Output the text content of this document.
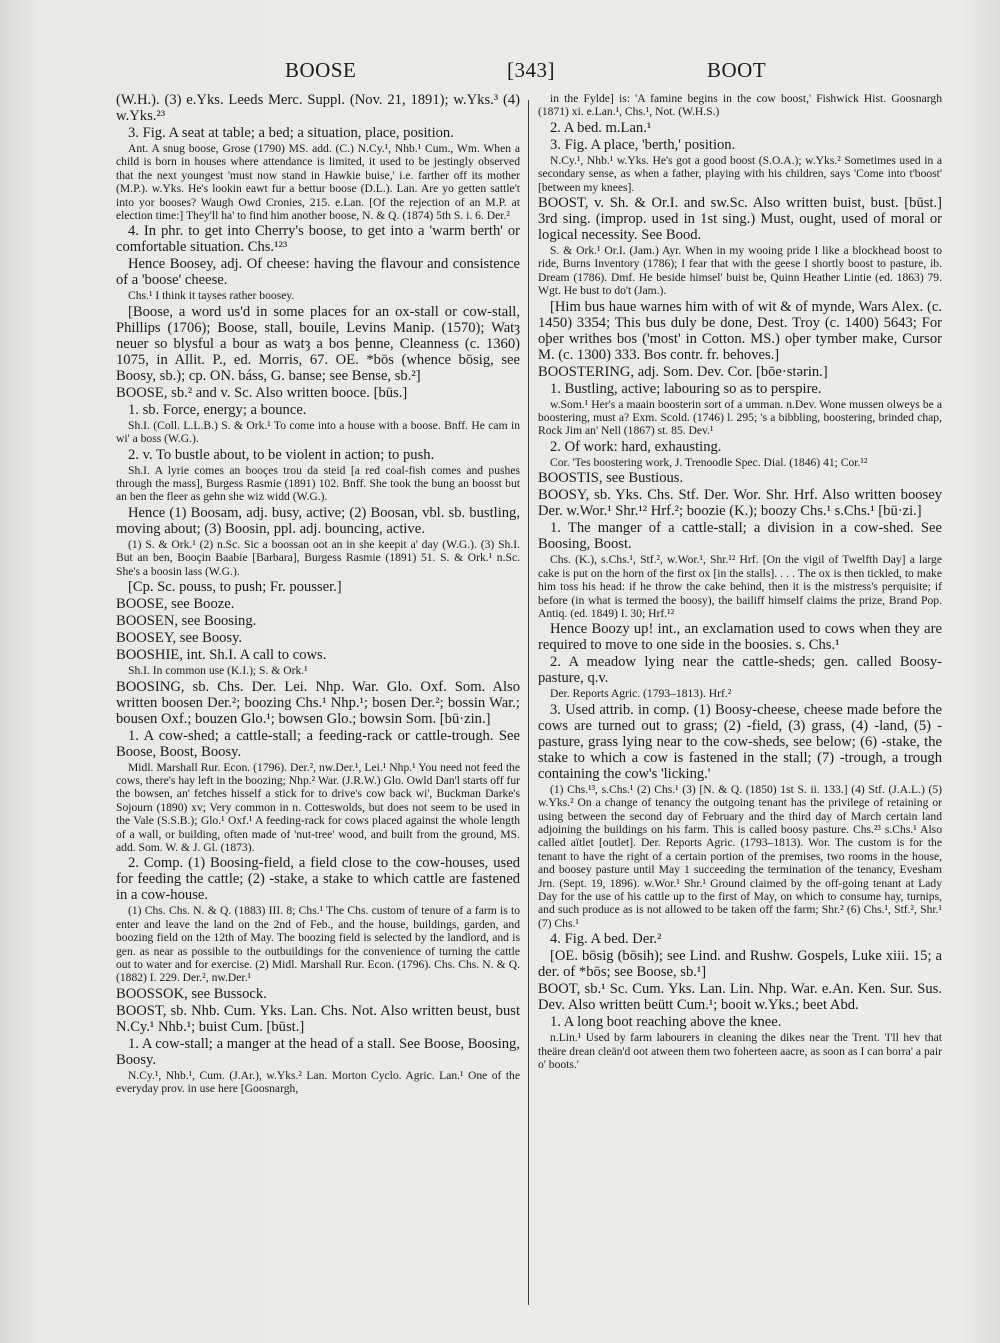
BOOSE	[343]	BOOT

(W.H.). (3) e.Yks. Leeds Merc. Suppl. (Nov. 21, 1891); w.Yks.³ (4) w.Yks.²³

3. Fig. A seat at table; a bed; a situation, place, position.

Ant. A snug boose, Grose (1790) MS. add. (C.) N.Cy.¹, Nhb.¹ Cum., Wm. When a child is born in houses where attendance is limited, it used to be jestingly observed that the next youngest 'must now stand in Hawkie buise,' i.e. farther off its mother (M.P.). w.Yks. He's lookin eawt fur a bettur boose (D.L.). Lan. Are yo getten sattle't into yor booses? Waugh Owd Cronies, 215. e.Lan. [Of the rejection of an M.P. at election time:] They'll ha' to find him another boose, N. & Q. (1874) 5th S. i. 6. Der.²

4. In phr. to get into Cherry's boose, to get into a 'warm berth' or comfortable situation. Chs.¹²³

Hence Boosey, adj. Of cheese: having the flavour and consistence of a 'boose' cheese.

Chs.¹ I think it tayses rather boosey.

[Boose, a word us'd in some places for an ox-stall or cow-stall, Phillips (1706); Boose, stall, bouile, Levins Manip. (1570); Watȝ neuer so blysful a bour as watȝ a bos þenne, Cleanness (c. 1360) 1075, in Allit. P., ed. Morris, 67. OE. *bōs (whence bōsig, see Boosy, sb.); cp. ON. báss, G. banse; see Bense, sb.²]

BOOSE, sb.² and v. Sc. Also written booce. [būs.]

1. sb. Force, energy; a bounce.

Sh.I. (Coll. L.L.B.) S. & Ork.¹ To come into a house with a boose. Bnff. He cam in wi' a boss (W.G.).

2. v. To bustle about, to be violent in action; to push.

Sh.I. A lyrie comes an booçes trou da steid [a red coal-fish comes and pushes through the mass], Burgess Rasmie (1891) 102. Bnff. She took the bung an boosst but an ben the fleer as gehn she wiz widd (W.G.).

Hence (1) Boosam, adj. busy, active; (2) Boosan, vbl. sb. bustling, moving about; (3) Boosin, ppl. adj. bouncing, active.

(1) S. & Ork.¹ (2) n.Sc. Sic a boossan oot an in she keepit a' day (W.G.). (3) Sh.I. But an ben, Booçin Baabie [Barbara], Burgess Rasmie (1891) 51. S. & Ork.¹ n.Sc. She's a boosin lass (W.G.).

[Cp. Sc. pouss, to push; Fr. pousser.]

BOOSE, see Booze.

BOOSEN, see Boosing.

BOOSEY, see Boosy.

BOOSHIE, int. Sh.I. A call to cows.

Sh.I. In common use (K.I.); S. & Ork.¹

BOOSING, sb. Chs. Der. Lei. Nhp. War. Glo. Oxf. Som. Also written boosen Der.²; boozing Chs.¹ Nhp.¹; bosen Der.²; bossin War.; bousen Oxf.; bouzen Glo.¹; bowsen Glo.; bowsin Som. [bū·zin.]

1. A cow-shed; a cattle-stall; a feeding-rack or cattle-trough. See Boose, Boost, Boosy.

Midl. Marshall Rur. Econ. (1796). Der.², nw.Der.¹, Lei.¹ Nhp.¹ You need not feed the cows, there's hay left in the boozing; Nhp.² War. (J.R.W.) Glo. Owld Dan'l starts off fur the bowsen, an' fetches hisself a stick for to drive's cow back wi', Buckman Darke's Sojourn (1890) xv; Very common in n. Cotteswolds, but does not seem to be used in the Vale (S.S.B.); Glo.¹ Oxf.¹ A feeding-rack for cows placed against the whole length of a wall, or building, often made of 'nut-tree' wood, and built from the ground, MS. add. Som. W. & J. Gl. (1873).

2. Comp. (1) Boosing-field, a field close to the cow-houses, used for feeding the cattle; (2) -stake, a stake to which cattle are fastened in a cow-house.

(1) Chs. Chs. N. & Q. (1883) III. 8; Chs.¹ The Chs. custom of tenure of a farm is to enter and leave the land on the 2nd of Feb., and the house, buildings, garden, and boozing field on the 12th of May. The boozing field is selected by the landlord, and is gen. as near as possible to the outbuildings for the convenience of turning the cattle out to water and for exercise. (2) Midl. Marshall Rur. Econ. (1796). Chs. Chs. N. & Q. (1882) I. 229. Der.², nw.Der.¹

BOOSSOK, see Bussock.

BOOST, sb. Nhb. Cum. Yks. Lan. Chs. Not. Also written beust, bust N.Cy.¹ Nhb.¹; buist Cum. [būst.]

1. A cow-stall; a manger at the head of a stall. See Boose, Boosing, Boosy.

N.Cy.¹, Nhb.¹, Cum. (J.Ar.), w.Yks.² Lan. Morton Cyclo. Agric. Lan.¹ One of the everyday prov. in use here [Goosnargh,

in the Fylde] is: 'A famine begins in the cow boost,' Fishwick Hist. Goosnargh (1871) xi. e.Lan.¹, Chs.¹, Not. (W.H.S.)

2. A bed. m.Lan.¹

3. Fig. A place, 'berth,' position.

N.Cy.¹, Nhb.¹ w.Yks. He's got a good boost (S.O.A.); w.Yks.² Sometimes used in a secondary sense, as when a father, playing with his children, says 'Come into t'boost' [between my knees].

BOOST, v. Sh. & Or.I. and sw.Sc. Also written buist, bust. [būst.] 3rd sing. (improp. used in 1st sing.) Must, ought, used of moral or logical necessity. See Bood.

S. & Ork.¹ Or.I. (Jam.) Ayr. When in my wooing pride I like a blockhead boost to ride, Burns Inventory (1786); I fear that with the geese I shortly boost to pasture, ib. Dream (1786). Dmf. He beside himsel' buist be, Quinn Heather Lintie (ed. 1863) 79. Wgt. He bust to do't (Jam.).

[Him bus haue warnes him with of wit & of mynde, Wars Alex. (c. 1450) 3354; This bus duly be done, Dest. Troy (c. 1400) 5643; For oþer writhes bos ('most' in Cotton. MS.) oþer tymber make, Cursor M. (c. 1300) 333. Bos contr. fr. behoves.]

BOOSTERING, adj. Som. Dev. Cor. [bōe·stərin.]

1. Bustling, active; labouring so as to perspire.

w.Som.¹ Her's a maain boosterin sort of a umman. n.Dev. Wone mussen olweys be a boostering, must a? Exm. Scold. (1746) l. 295; 's a bibbling, boostering, brinded chap, Rock Jim an' Nell (1867) st. 85. Dev.¹

2. Of work: hard, exhausting.

Cor. 'Tes boostering work, J. Trenoodle Spec. Dial. (1846) 41; Cor.¹²

BOOSTIS, see Bustious.

BOOSY, sb. Yks. Chs. Stf. Der. Wor. Shr. Hrf. Also written boosey Der. w.Wor.¹ Shr.¹² Hrf.²; boozie (K.); boozy Chs.¹ s.Chs.¹ [bū·zi.]

1. The manger of a cattle-stall; a division in a cow-shed. See Boosing, Boost.

Chs. (K.), s.Chs.¹, Stf.², w.Wor.¹, Shr.¹² Hrf. [On the vigil of Twelfth Day] a large cake is put on the horn of the first ox [in the stalls]. . . . The ox is then tickled, to make him toss his head: if he throw the cake behind, then it is the mistress's perquisite; if before (in what is termed the boosy), the bailiff himself claims the prize, Brand Pop. Antiq. (ed. 1849) I. 30; Hrf.¹²

Hence Boozy up! int., an exclamation used to cows when they are required to move to one side in the boosies. s. Chs.¹

2. A meadow lying near the cattle-sheds; gen. called Boosy-pasture, q.v.

Der. Reports Agric. (1793–1813). Hrf.²

3. Used attrib. in comp. (1) Boosy-cheese, cheese made before the cows are turned out to grass; (2) -field, (3) grass, (4) -land, (5) -pasture, grass lying near to the cow-sheds, see below; (6) -stake, the stake to which a cow is fastened in the stall; (7) -trough, a trough containing the cow's 'licking.'

(1) Chs.¹³, s.Chs.¹ (2) Chs.¹ (3) [N. & Q. (1850) 1st S. ii. 133.] (4) Stf. (J.A.L.) (5) w.Yks.² On a change of tenancy the outgoing tenant has the privilege of retaining or using between the second day of February and the third day of March certain land adjoining the buildings on his farm. This is called boosy pasture. Chs.²³ s.Chs.¹ Also called aïtlet [outlet]. Der. Reports Agric. (1793–1813). Wor. The custom is for the tenant to have the right of a certain portion of the premises, two rooms in the house, and boosey pasture until May 1 succeeding the termination of the tenancy, Evesham Jrn. (Sept. 19, 1896). w.Wor.¹ Shr.¹ Ground claimed by the off-going tenant at Lady Day for the use of his cattle up to the first of May, on which to consume hay, turnips, and such produce as is not allowed to be taken off the farm; Shr.² (6) Chs.¹, Stf.², Shr.¹ (7) Chs.¹

4. Fig. A bed. Der.²

[OE. bōsig (bōsih); see Lind. and Rushw. Gospels, Luke xiii. 15; a der. of *bōs; see Boose, sb.¹]

BOOT, sb.¹ Sc. Cum. Yks. Lan. Lin. Nhp. War. e.An. Ken. Sur. Sus. Dev. Also written beütt Cum.¹; booit w.Yks.; beet Abd.

1. A long boot reaching above the knee.

n.Lin.¹ Used by farm labourers in cleaning the dikes near the Trent. 'I'll hev that theäre drean cleän'd oot atween them two foherteen aacre, as soon as I can borra' a pair o' boots.'
